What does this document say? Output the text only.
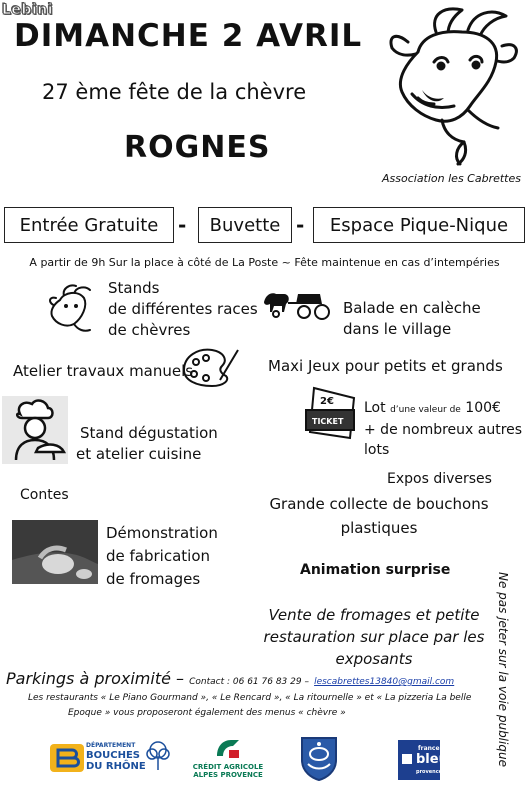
Lebini
DIMANCHE 2 AVRIL
27 ème fête de la chèvre
ROGNES
Association les Cabrettes
Entrée Gratuite - Buvette - Espace Pique-Nique
A partir de 9h Sur la place à côté de La Poste ~ Fête maintenue en cas d’intempéries
Stands
de différentes races
de chèvres
Balade en calèche
dans le village
Atelier travaux manuels	Maxi Jeux pour petits et grands
Stand dégustation
et atelier cuisine
2€
TICKET
Lot d’une valeur de 100€
+ de nombreux autres
lots
Expos diverses
Contes	Grande collecte de bouchons
plastiques
Démonstration
de fabrication
de fromages	Animation surprise
Vente de fromages et petite
restauration sur place par les
exposants	Ne pas jeter sur la voie publique
Parkings à proximité – Contact : 06 61 76 83 29 – lescabrettes13840@gmail.com
Les restaurants « Le Piano Gourmand », « Le Rencard », « La ritournelle » et « La pizzeria La belle
Epoque » vous proposeront également des menus « chèvre »
DÉPARTEMENT
BOUCHES
DU RHÔNE	CRÉDIT AGRICOLE
ALPES PROVENCE
france
bleu
provence
